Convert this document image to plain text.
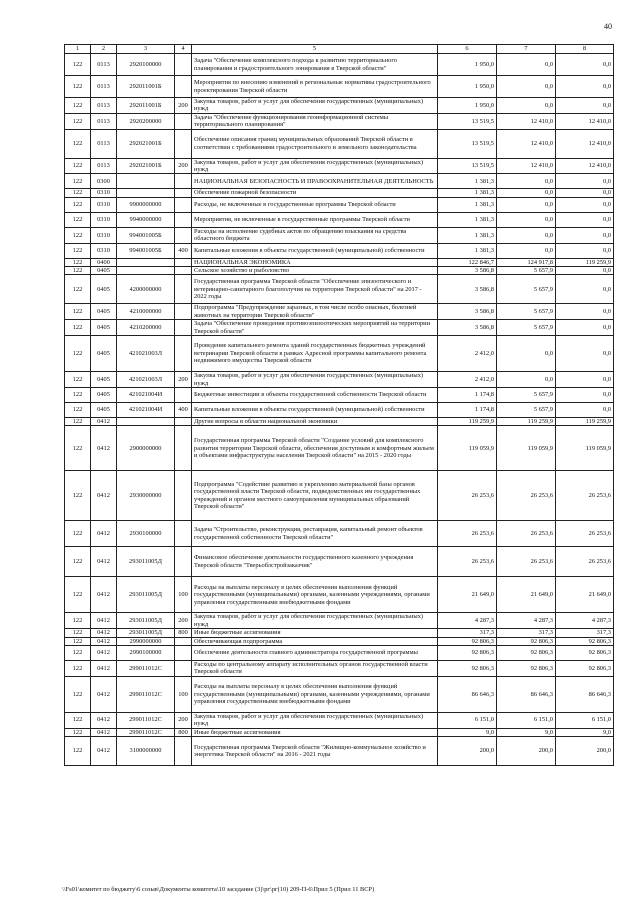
40
1	2	3	4	5	6	7	8
122	0113	2920100000		Задача "Обеспечение комплексного подхода к развитию территориального планирования и градостроительного зонирования в Тверской области"	1 950,0	0,0	0,0
122	0113	292011001Б		Мероприятия по внесению изменений в региональные нормативы градостроительного проектирования Тверской области	1 950,0	0,0	0,0
122	0113	292011001Б	200	Закупка товаров, работ и услуг для обеспечения государственных (муниципальных) нужд	1 950,0	0,0	0,0
122	0113	2920200000		Задача "Обеспечение функционирования геоинформационной системы территориального планирования"	13 519,5	12 410,0	12 410,0
122	0113	292021001Б		Обеспечение описания границ муниципальных образований Тверской области в соответствии с требованиями градостроительного и земельного законодательства	13 519,5	12 410,0	12 410,0
122	0113	292021001Б	200	Закупка товаров, работ и услуг для обеспечения государственных (муниципальных) нужд	13 519,5	12 410,0	12 410,0
122	0300			НАЦИОНАЛЬНАЯ БЕЗОПАСНОСТЬ И ПРАВООХРАНИТЕЛЬНАЯ ДЕЯТЕЛЬНОСТЬ	1 381,3	0,0	0,0
122	0310			Обеспечение пожарной безопасности	1 381,3	0,0	0,0
122	0310	9900000000		Расходы, не включенные в государственные программы Тверской области	1 381,3	0,0	0,0
122	0310	9940000000		Мероприятия, не включенные в государственные программы Тверской области	1 381,3	0,0	0,0
122	0310	994001005Б		Расходы на исполнение судебных актов по обращению взыскания на средства областного бюджета	1 381,3	0,0	0,0
122	0310	994001005Б	400	Капитальные вложения в объекты государственной (муниципальной) собственности	1 381,3	0,0	0,0
122	0400			НАЦИОНАЛЬНАЯ ЭКОНОМИКА	122 846,7	124 917,8	119 259,9
122	0405			Сельское хозяйство и рыболовство	3 586,8	5 657,9	0,0
122	0405	4200000000		Государственная программа Тверской области "Обеспечение эпизоотического и ветеринарно-санитарного благополучия на территории Тверской области" на 2017 - 2022 годы	3 586,8	5 657,9	0,0
122	0405	4210000000		Подпрограмма "Предупреждение заразных, в том числе особо опасных, болезней животных на территории Тверской области"	3 586,8	5 657,9	0,0
122	0405	4210200000		Задача "Обеспечение проведения противоэпизоотических мероприятий на территории Тверской области"	3 586,8	5 657,9	0,0
122	0405	421021003Л		Проведение капитального ремонта зданий государственных бюджетных учреждений ветеринарии Тверской области в рамках Адресной программы капитального ремонта недвижимого имущества Тверской области	2 412,0	0,0	0,0
122	0405	421021003Л	200	Закупка товаров, работ и услуг для обеспечения государственных (муниципальных) нужд	2 412,0	0,0	0,0
122	0405	421021004И		Бюджетные инвестиции в объекты государственной собственности Тверской области	1 174,8	5 657,9	0,0
122	0405	421021004И	400	Капитальные вложения в объекты государственной (муниципальной) собственности	1 174,8	5 657,9	0,0
122	0412			Другие вопросы в области национальной экономики	119 259,9	119 259,9	119 259,9
122	0412	2900000000		Государственная программа Тверской области "Создание условий для комплексного развития территории Тверской области, обеспечения доступным и комфортным жильем и объектами инфраструктуры населения Тверской области" на 2015 - 2020 годы	119 059,9	119 059,9	119 059,9
122	0412	2930000000		Подпрограмма "Содействие развитию и укреплению материальной базы органов государственной власти Тверской области, подведомственных им государственных учреждений и органов местного самоуправления муниципальных образований Тверской области"	26 253,6	26 253,6	26 253,6
122	0412	2930100000		Задача "Строительство, реконструкция, реставрация, капитальный ремонт объектов государственной собственности Тверской области"	26 253,6	26 253,6	26 253,6
122	0412	293011005Д		Финансовое обеспечение деятельности государственного казенного учреждения Тверской области "Тверьоблстройзаказчик"	26 253,6	26 253,6	26 253,6
122	0412	293011005Д	100	Расходы на выплаты персоналу в целях обеспечения выполнения функций государственными (муниципальными) органами, казенными учреждениями, органами управления государственными внебюджетными фондами	21 649,0	21 649,0	21 649,0
122	0412	293011005Д	200	Закупка товаров, работ и услуг для обеспечения государственных (муниципальных) нужд	4 287,3	4 287,3	4 287,3
122	0412	293011005Д	800	Иные бюджетные ассигнования	317,3	317,3	317,3
122	0412	2990000000		Обеспечивающая подпрограмма	92 806,3	92 806,3	92 806,3
122	0412	2990100000		Обеспечение деятельности главного администратора государственной программы	92 806,3	92 806,3	92 806,3
122	0412	299011012С		Расходы по центральному аппарату исполнительных органов государственной власти Тверской области	92 806,3	92 806,3	92 806,3
122	0412	299011012С	100	Расходы на выплаты персоналу в целях обеспечения выполнения функций государственными (муниципальными) органами, казенными учреждениями, органами управления государственными внебюджетными фондами	86 646,3	86 646,3	86 646,3
122	0412	299011012С	200	Закупка товаров, работ и услуг для обеспечения государственных (муниципальных) нужд	6 151,0	6 151,0	6 151,0
122	0412	299011012С	800	Иные бюджетные ассигнования	9,0	9,0	9,0
122	0412	3100000000		Государственная программа Тверской области "Жилищно-коммунальное хозяйство и энергетика Тверской области" на 2016 - 2021 годы	200,0	200,0	200,0
\\Fs01\комитет по бюджету\6 созыв\Документы комитета\10 заседание (3)\рг\рг(10) 209-П-6\Прил 5 (Прил 11 ВСР)
